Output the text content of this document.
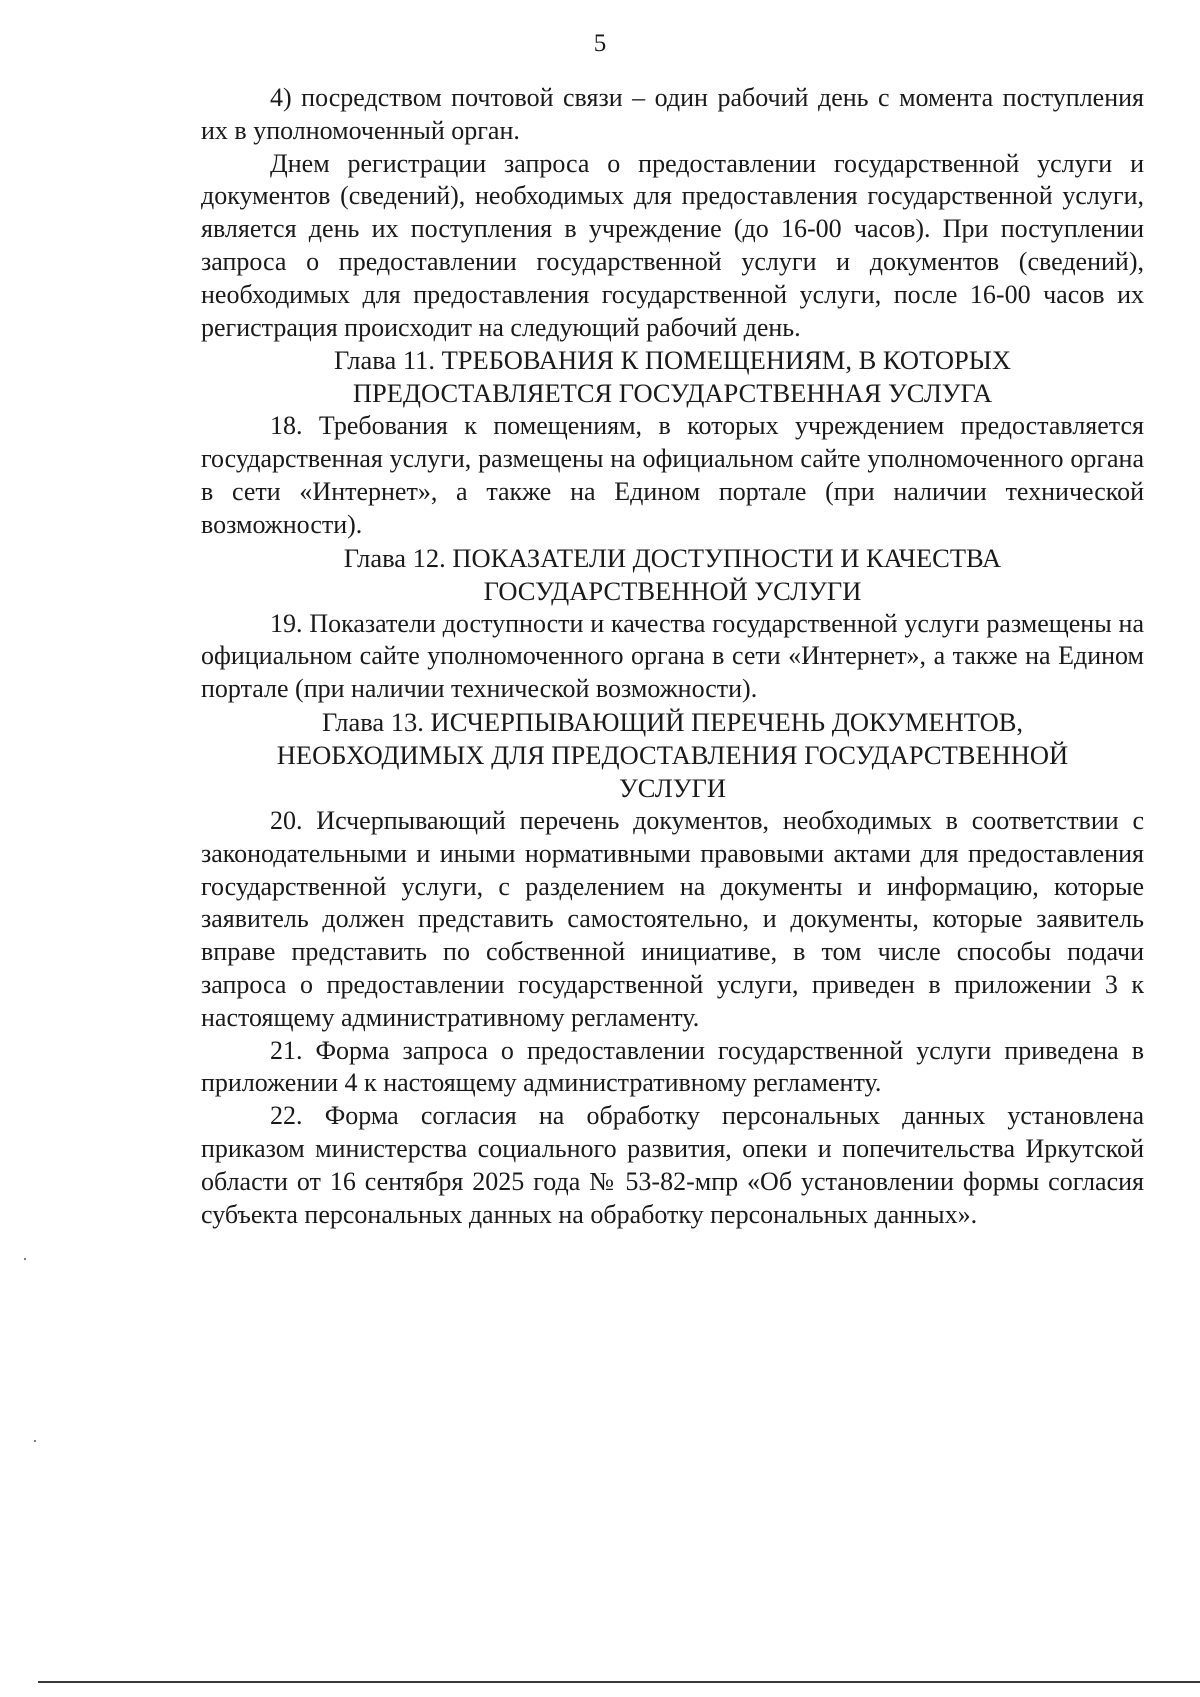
5

4) посредством почтовой связи – один рабочий день с момента поступления их в уполномоченный орган.

Днем регистрации запроса о предоставлении государственной услуги и документов (сведений), необходимых для предоставления государственной услуги, является день их поступления в учреждение (до 16-00 часов). При поступлении запроса о предоставлении государственной услуги и документов (сведений), необходимых для предоставления государственной услуги, после 16-00 часов их регистрация происходит на следующий рабочий день.

Глава 11. ТРЕБОВАНИЯ К ПОМЕЩЕНИЯМ, В КОТОРЫХ
ПРЕДОСТАВЛЯЕТСЯ ГОСУДАРСТВЕННАЯ УСЛУГА

18. Требования к помещениям, в которых учреждением предоставляется государственная услуги, размещены на официальном сайте уполномоченного органа в сети «Интернет», а также на Едином портале (при наличии технической возможности).

Глава 12. ПОКАЗАТЕЛИ ДОСТУПНОСТИ И КАЧЕСТВА
ГОСУДАРСТВЕННОЙ УСЛУГИ

19. Показатели доступности и качества государственной услуги размещены на официальном сайте уполномоченного органа в сети «Интернет», а также на Едином портале (при наличии технической возможности).

Глава 13. ИСЧЕРПЫВАЮЩИЙ ПЕРЕЧЕНЬ ДОКУМЕНТОВ,
НЕОБХОДИМЫХ ДЛЯ ПРЕДОСТАВЛЕНИЯ ГОСУДАРСТВЕННОЙ
УСЛУГИ

20. Исчерпывающий перечень документов, необходимых в соответствии с законодательными и иными нормативными правовыми актами для предоставления государственной услуги, с разделением на документы и информацию, которые заявитель должен представить самостоятельно, и документы, которые заявитель вправе представить по собственной инициативе, в том числе способы подачи запроса о предоставлении государственной услуги, приведен в приложении 3 к настоящему административному регламенту.

21. Форма запроса о предоставлении государственной услуги приведена в приложении 4 к настоящему административному регламенту.

22. Форма согласия на обработку персональных данных установлена приказом министерства социального развития, опеки и попечительства Иркутской области от 16 сентября 2025 года № 53-82-мпр «Об установлении формы согласия субъекта персональных данных на обработку персональных данных».
